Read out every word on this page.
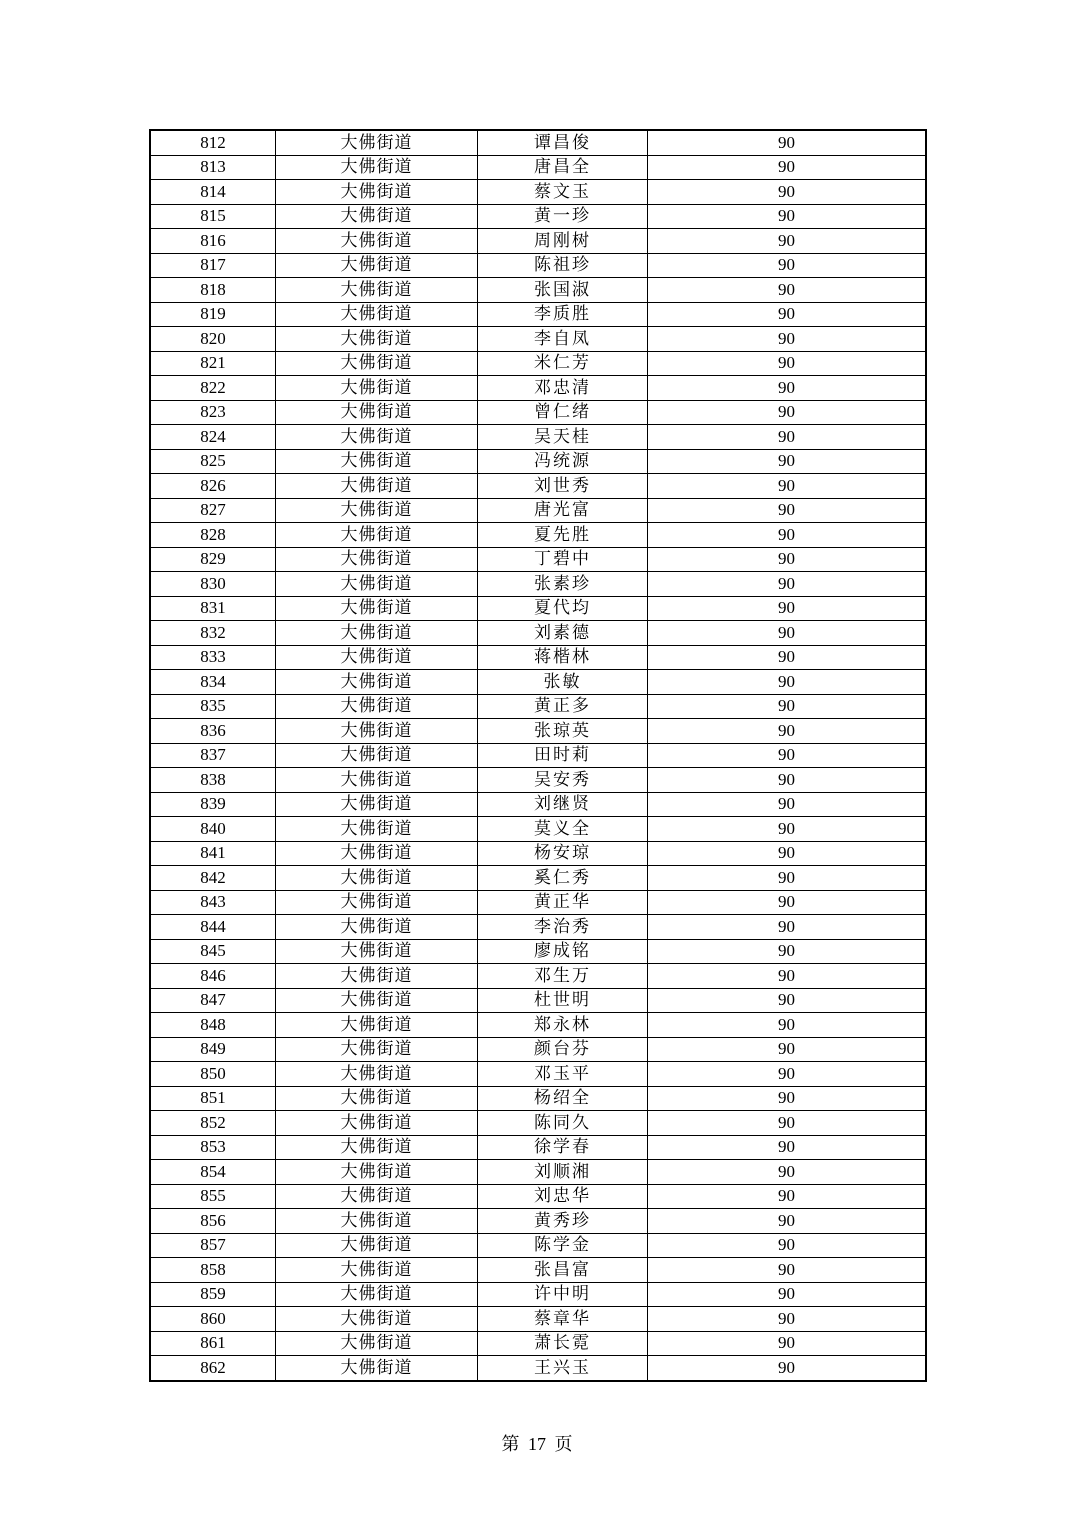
812	大佛街道	谭昌俊	90
813	大佛街道	唐昌全	90
814	大佛街道	蔡文玉	90
815	大佛街道	黄一珍	90
816	大佛街道	周刚树	90
817	大佛街道	陈祖珍	90
818	大佛街道	张国淑	90
819	大佛街道	李质胜	90
820	大佛街道	李自凤	90
821	大佛街道	米仁芳	90
822	大佛街道	邓忠清	90
823	大佛街道	曾仁绪	90
824	大佛街道	吴天桂	90
825	大佛街道	冯统源	90
826	大佛街道	刘世秀	90
827	大佛街道	唐光富	90
828	大佛街道	夏先胜	90
829	大佛街道	丁碧中	90
830	大佛街道	张素珍	90
831	大佛街道	夏代均	90
832	大佛街道	刘素德	90
833	大佛街道	蒋楷林	90
834	大佛街道	张敏	90
835	大佛街道	黄正多	90
836	大佛街道	张琼英	90
837	大佛街道	田时莉	90
838	大佛街道	吴安秀	90
839	大佛街道	刘继贤	90
840	大佛街道	莫义全	90
841	大佛街道	杨安琼	90
842	大佛街道	奚仁秀	90
843	大佛街道	黄正华	90
844	大佛街道	李治秀	90
845	大佛街道	廖成铭	90
846	大佛街道	邓生万	90
847	大佛街道	杜世明	90
848	大佛街道	郑永林	90
849	大佛街道	颜台芬	90
850	大佛街道	邓玉平	90
851	大佛街道	杨绍全	90
852	大佛街道	陈同久	90
853	大佛街道	徐学春	90
854	大佛街道	刘顺湘	90
855	大佛街道	刘忠华	90
856	大佛街道	黄秀珍	90
857	大佛街道	陈学金	90
858	大佛街道	张昌富	90
859	大佛街道	许中明	90
860	大佛街道	蔡章华	90
861	大佛街道	萧长霓	90
862	大佛街道	王兴玉	90
第 17 页
